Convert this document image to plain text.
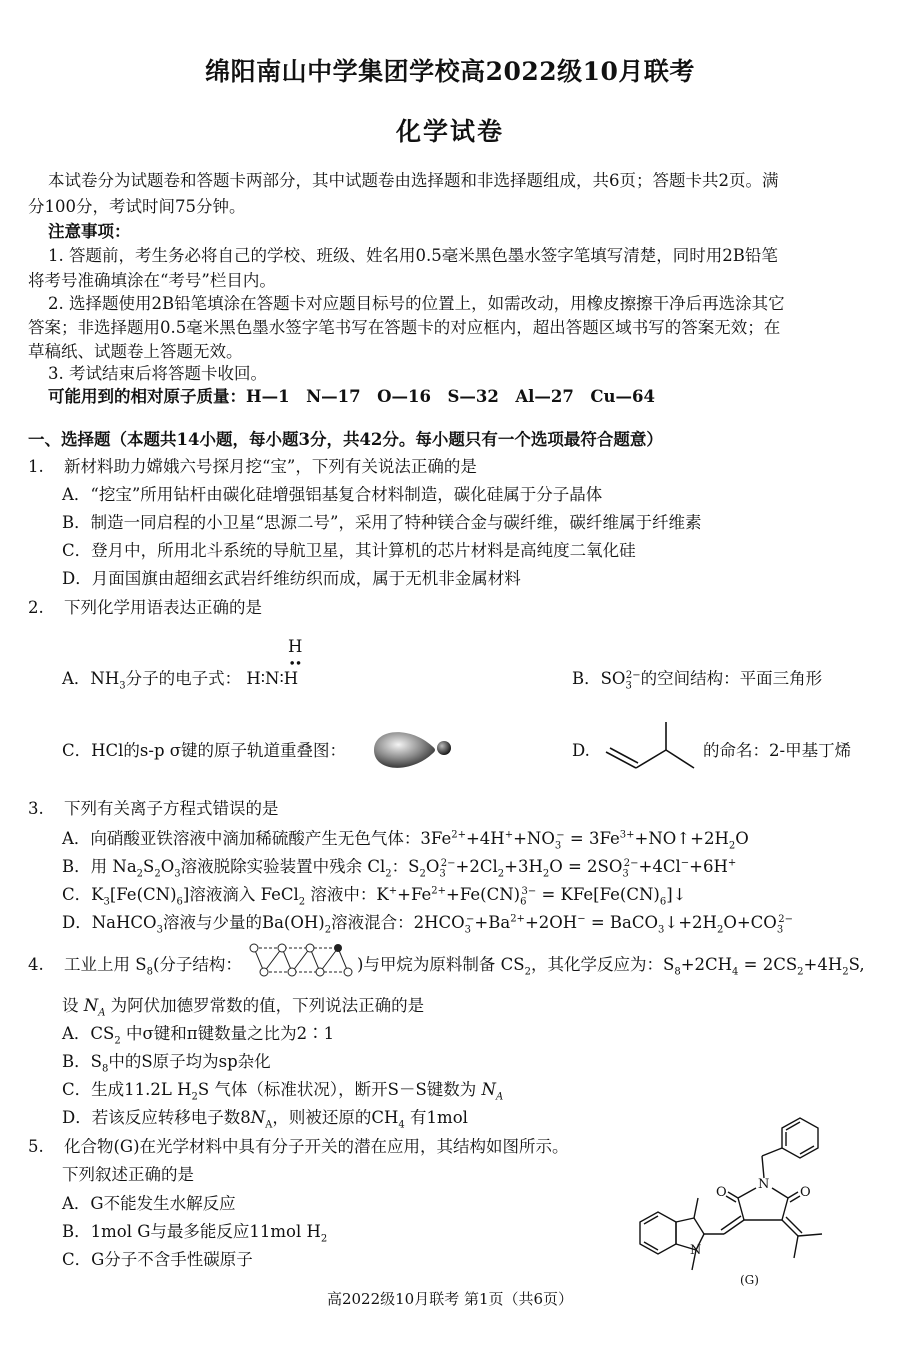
绵阳南山中学集团学校高2022级10月联考
化学试卷
本试卷分为试题卷和答题卡两部分，其中试题卷由选择题和非选择题组成，共6页；答题卡共2页。满
分100分，考试时间75分钟。
注意事项：
1. 答题前，考生务必将自己的学校、班级、姓名用0.5毫米黑色墨水签字笔填写清楚，同时用2B铅笔
将考号准确填涂在“考号”栏目内。
2. 选择题使用2B铅笔填涂在答题卡对应题目标号的位置上，如需改动，用橡皮擦擦干净后再选涂其它
答案；非选择题用0.5毫米黑色墨水签字笔书写在答题卡的对应框内，超出答题区域书写的答案无效；在
草稿纸、试题卷上答题无效。
3. 考试结束后将答题卡收回。
可能用到的相对原子质量：H—1　N—17　O—16　S—32　Al—27　Cu—64
一、选择题（本题共14小题，每小题3分，共42分。每小题只有一个选项最符合题意）
1. 新材料助力嫦娥六号探月挖“宝”，下列有关说法正确的是
A．“挖宝”所用钻杆由碳化硅增强铝基复合材料制造，碳化硅属于分子晶体
B．制造一同启程的小卫星“思源二号”，采用了特种镁合金与碳纤维，碳纤维属于纤维素
C．登月中，所用北斗系统的导航卫星，其计算机的芯片材料是高纯度二氧化硅
D．月面国旗由超细玄武岩纤维纺织而成，属于无机非金属材料
2. 下列化学用语表达正确的是
H
∙∙
A．$NH_3$分子的电子式： H∶N∶H	B．$SO_3^{2-}$的空间结构：平面三角形
C．HCl的s-p σ键的原子轨道重叠图：	D.	的命名：2-甲基丁烯
3. 下列有关离子方程式错误的是
A．向硝酸亚铁溶液中滴加稀硫酸产生无色气体：$3Fe^{2+}+4H^++NO_3^-$ = $3Fe^{3+}+NO↑+2H_2O$
B．用 $Na_2S_2O_3$溶液脱除实验装置中残余 $Cl_2$：$S_2O_3^{2-}+2Cl_2+3H_2O = 2SO_3^{2-}+4Cl^-+6H^+$
C．$K_3[Fe(CN)_6]$溶液滴入 FeCl$_2$ 溶液中：$K^++Fe^{2+}+Fe(CN)_6^{3-}$ = $KFe[Fe(CN)_6]↓$
D．NaHCO$_3$溶液与少量的$Ba(OH)_2$溶液混合：$2HCO_3^-+Ba^{2+}+2OH^-$ = $BaCO_3↓+2H_2O+CO_3^{2-}$
4. 工业上用 $S_8$(分子结构：	)与甲烷为原料制备 $CS_2$，其化学反应为：$S_8+2CH_4 = 2CS_2+4H_2S$,
设 $N_A$ 为阿伏加德罗常数的值，下列说法正确的是
A．$CS_2$ 中σ键和π键数量之比为2∶1
B．$S_8$中的S原子均为sp杂化
C．生成11.2L $H_2S$ 气体（标准状况），断开S－S键数为 $N_A$
D．若该反应转移电子数$8N_A$，则被还原的$CH_4$ 有1mol
5. 化合物(G)在光学材料中具有分子开关的潜在应用，其结构如图所示。
下列叙述正确的是
A．G不能发生水解反应
B．1mol G与最多能反应11mol $H_2$
C．G分子不含手性碳原子
N
O	O
N
(G)
高2022级10月联考 第1页（共6页）
